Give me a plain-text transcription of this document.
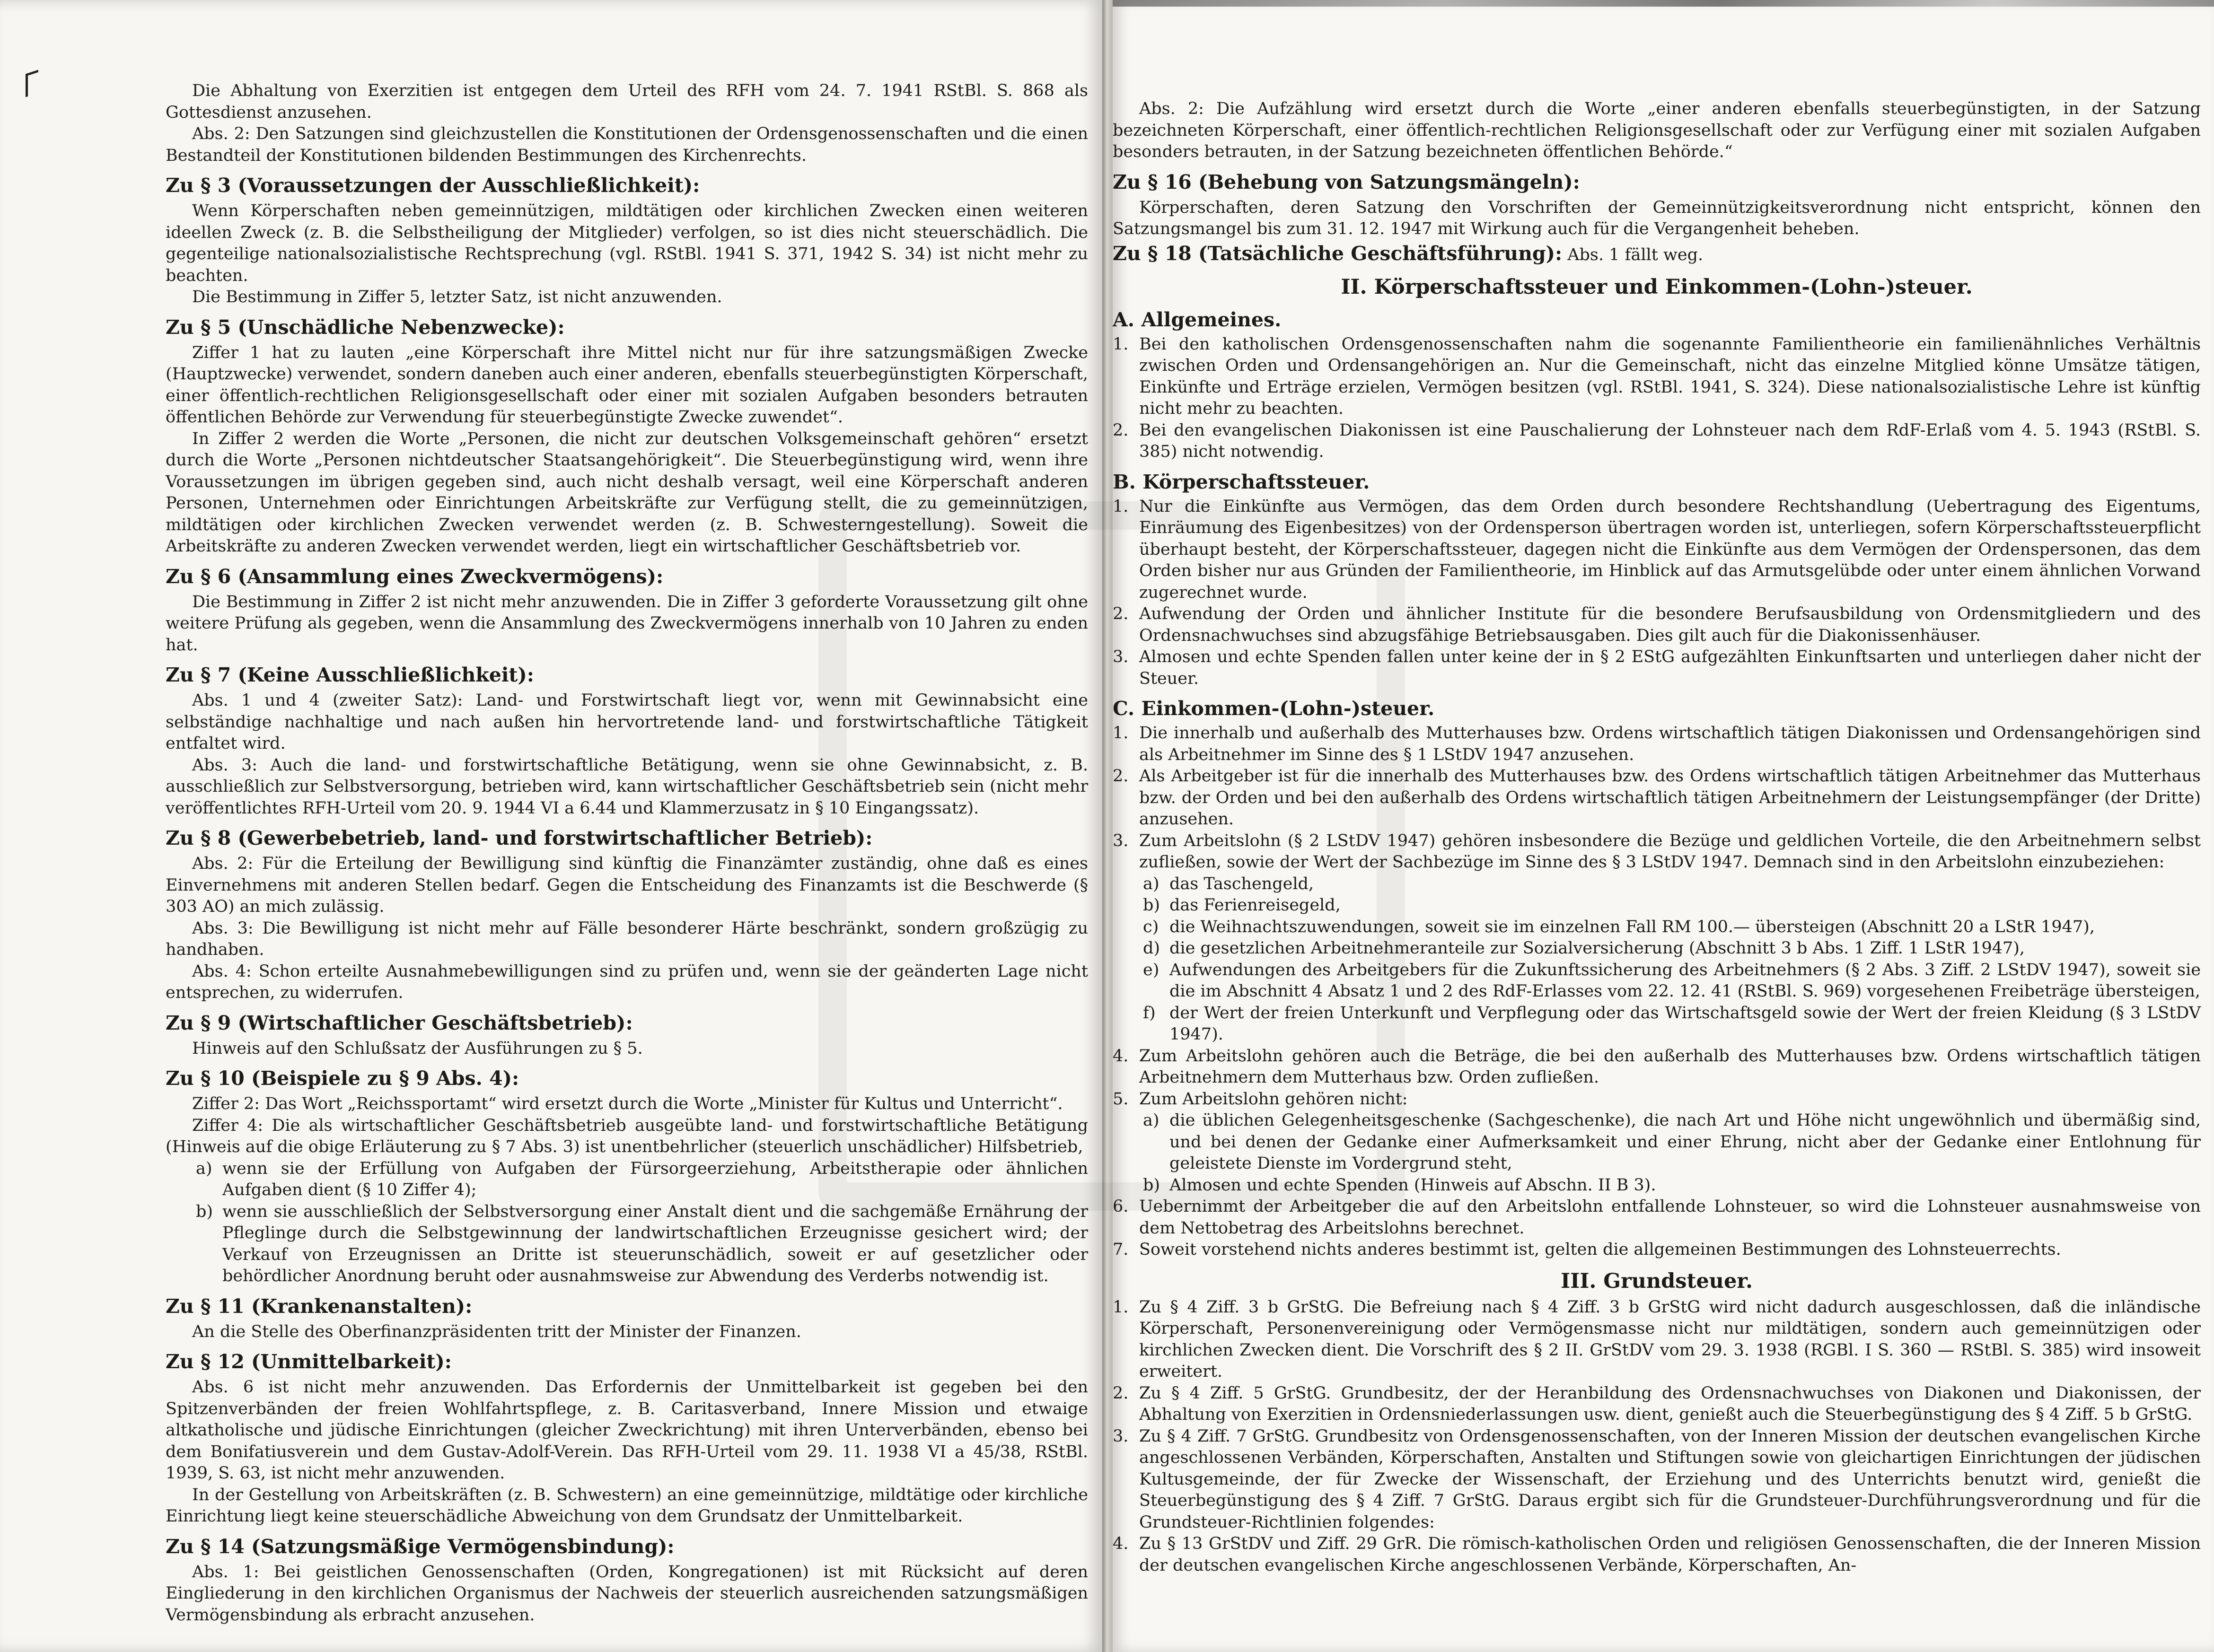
Die Abhaltung von Exerzitien ist entgegen dem Urteil des RFH vom 24. 7. 1941 RStBl. S. 868 als Gottesdienst anzusehen.

Abs. 2: Den Satzungen sind gleichzustellen die Konstitutionen der Ordensgenossenschaften und die einen Bestandteil der Konstitutionen bildenden Bestimmungen des Kirchenrechts.

Zu § 3 (Voraussetzungen der Ausschließlichkeit):

Wenn Körperschaften neben gemeinnützigen, mildtätigen oder kirchlichen Zwecken einen weiteren ideellen Zweck (z. B. die Selbstheiligung der Mitglieder) verfolgen, so ist dies nicht steuerschädlich. Die gegenteilige nationalsozialistische Rechtsprechung (vgl. RStBl. 1941 S. 371, 1942 S. 34) ist nicht mehr zu beachten.

Die Bestimmung in Ziffer 5, letzter Satz, ist nicht anzuwenden.

Zu § 5 (Unschädliche Nebenzwecke):

Ziffer 1 hat zu lauten „eine Körperschaft ihre Mittel nicht nur für ihre satzungsmäßigen Zwecke (Hauptzwecke) verwendet, sondern daneben auch einer anderen, ebenfalls steuerbegünstigten Körperschaft, einer öffentlich-rechtlichen Religionsgesellschaft oder einer mit sozialen Aufgaben besonders betrauten öffentlichen Behörde zur Verwendung für steuerbegünstigte Zwecke zuwendet“.

In Ziffer 2 werden die Worte „Personen, die nicht zur deutschen Volksgemeinschaft gehören“ ersetzt durch die Worte „Personen nichtdeutscher Staatsangehörigkeit“. Die Steuerbegünstigung wird, wenn ihre Voraussetzungen im übrigen gegeben sind, auch nicht deshalb versagt, weil eine Körperschaft anderen Personen, Unternehmen oder Einrichtungen Arbeitskräfte zur Verfügung stellt, die zu gemeinnützigen, mildtätigen oder kirchlichen Zwecken verwendet werden (z. B. Schwesterngestellung). Soweit die Arbeitskräfte zu anderen Zwecken verwendet werden, liegt ein wirtschaftlicher Geschäftsbetrieb vor.

Zu § 6 (Ansammlung eines Zweckvermögens):

Die Bestimmung in Ziffer 2 ist nicht mehr anzuwenden. Die in Ziffer 3 geforderte Voraussetzung gilt ohne weitere Prüfung als gegeben, wenn die Ansammlung des Zweckvermögens innerhalb von 10 Jahren zu enden hat.

Zu § 7 (Keine Ausschließlichkeit):

Abs. 1 und 4 (zweiter Satz): Land- und Forstwirtschaft liegt vor, wenn mit Gewinnabsicht eine selbständige nachhaltige und nach außen hin hervortretende land- und forstwirtschaftliche Tätigkeit entfaltet wird.

Abs. 3: Auch die land- und forstwirtschaftliche Betätigung, wenn sie ohne Gewinnabsicht, z. B. ausschließlich zur Selbstversorgung, betrieben wird, kann wirtschaftlicher Geschäftsbetrieb sein (nicht mehr veröffentlichtes RFH-Urteil vom 20. 9. 1944 VI a 6.44 und Klammerzusatz in § 10 Eingangssatz).

Zu § 8 (Gewerbebetrieb, land- und forstwirtschaftlicher Betrieb):

Abs. 2: Für die Erteilung der Bewilligung sind künftig die Finanzämter zuständig, ohne daß es eines Einvernehmens mit anderen Stellen bedarf. Gegen die Entscheidung des Finanzamts ist die Beschwerde (§ 303 AO) an mich zulässig.

Abs. 3: Die Bewilligung ist nicht mehr auf Fälle besonderer Härte beschränkt, sondern großzügig zu handhaben.

Abs. 4: Schon erteilte Ausnahmebewilligungen sind zu prüfen und, wenn sie der geänderten Lage nicht entsprechen, zu widerrufen.

Zu § 9 (Wirtschaftlicher Geschäftsbetrieb):

Hinweis auf den Schlußsatz der Ausführungen zu § 5.

Zu § 10 (Beispiele zu § 9 Abs. 4):

Ziffer 2: Das Wort „Reichssportamt“ wird ersetzt durch die Worte „Minister für Kultus und Unterricht“.

Ziffer 4: Die als wirtschaftlicher Geschäftsbetrieb ausgeübte land- und forstwirtschaftliche Betätigung (Hinweis auf die obige Erläuterung zu § 7 Abs. 3) ist unentbehrlicher (steuerlich unschädlicher) Hilfsbetrieb,

a) wenn sie der Erfüllung von Aufgaben der Fürsorgeerziehung, Arbeitstherapie oder ähnlichen Aufgaben dient (§ 10 Ziffer 4);
b) wenn sie ausschließlich der Selbstversorgung einer Anstalt dient und die sachgemäße Ernährung der Pfleglinge durch die Selbstgewinnung der landwirtschaftlichen Erzeugnisse gesichert wird; der Verkauf von Erzeugnissen an Dritte ist steuerunschädlich, soweit er auf gesetzlicher oder behördlicher Anordnung beruht oder ausnahmsweise zur Abwendung des Verderbs notwendig ist.
Zu § 11 (Krankenanstalten):

An die Stelle des Oberfinanzpräsidenten tritt der Minister der Finanzen.

Zu § 12 (Unmittelbarkeit):

Abs. 6 ist nicht mehr anzuwenden. Das Erfordernis der Unmittelbarkeit ist gegeben bei den Spitzenverbänden der freien Wohlfahrtspflege, z. B. Caritasverband, Innere Mission und etwaige altkatholische und jüdische Einrichtungen (gleicher Zweckrichtung) mit ihren Unterverbänden, ebenso bei dem Bonifatiusverein und dem Gustav-Adolf-Verein. Das RFH-Urteil vom 29. 11. 1938 VI a 45/38, RStBl. 1939, S. 63, ist nicht mehr anzuwenden.

In der Gestellung von Arbeitskräften (z. B. Schwestern) an eine gemeinnützige, mildtätige oder kirchliche Einrichtung liegt keine steuerschädliche Abweichung von dem Grundsatz der Unmittelbarkeit.

Zu § 14 (Satzungsmäßige Vermögensbindung):

Abs. 1: Bei geistlichen Genossenschaften (Orden, Kongregationen) ist mit Rücksicht auf deren Eingliederung in den kirchlichen Organismus der Nachweis der steuerlich ausreichenden satzungsmäßigen Vermögensbindung als erbracht anzusehen.

Abs. 2: Die Aufzählung wird ersetzt durch die Worte „einer anderen ebenfalls steuerbegünstigten, in der Satzung bezeichneten Körperschaft, einer öffentlich-rechtlichen Religionsgesellschaft oder zur Verfügung einer mit sozialen Aufgaben besonders betrauten, in der Satzung bezeichneten öffentlichen Behörde.“

Zu § 16 (Behebung von Satzungsmängeln):

Körperschaften, deren Satzung den Vorschriften der Gemeinnützigkeitsverordnung nicht entspricht, können den Satzungsmangel bis zum 31. 12. 1947 mit Wirkung auch für die Vergangenheit beheben.

Zu § 18 (Tatsächliche Geschäftsführung): Abs. 1 fällt weg.

II. Körperschaftssteuer und Einkommen-(Lohn-)steuer.
A. Allgemeines.
1. Bei den katholischen Ordensgenossenschaften nahm die sogenannte Familientheorie ein familienähnliches Verhältnis zwischen Orden und Ordensangehörigen an. Nur die Gemeinschaft, nicht das einzelne Mitglied könne Umsätze tätigen, Einkünfte und Erträge erzielen, Vermögen besitzen (vgl. RStBl. 1941, S. 324). Diese nationalsozialistische Lehre ist künftig nicht mehr zu beachten.
2. Bei den evangelischen Diakonissen ist eine Pauschalierung der Lohnsteuer nach dem RdF-Erlaß vom 4. 5. 1943 (RStBl. S. 385) nicht notwendig.
B. Körperschaftssteuer.
1. Nur die Einkünfte aus Vermögen, das dem Orden durch besondere Rechtshandlung (Uebertragung des Eigentums, Einräumung des Eigenbesitzes) von der Ordensperson übertragen worden ist, unterliegen, sofern Körperschaftssteuerpflicht überhaupt besteht, der Körperschaftssteuer, dagegen nicht die Einkünfte aus dem Vermögen der Ordenspersonen, das dem Orden bisher nur aus Gründen der Familientheorie, im Hinblick auf das Armutsgelübde oder unter einem ähnlichen Vorwand zugerechnet wurde.
2. Aufwendung der Orden und ähnlicher Institute für die besondere Berufsausbildung von Ordensmitgliedern und des Ordensnachwuchses sind abzugsfähige Betriebsausgaben. Dies gilt auch für die Diakonissenhäuser.
3. Almosen und echte Spenden fallen unter keine der in § 2 EStG aufgezählten Einkunftsarten und unterliegen daher nicht der Steuer.
C. Einkommen-(Lohn-)steuer.
1. Die innerhalb und außerhalb des Mutterhauses bzw. Ordens wirtschaftlich tätigen Diakonissen und Ordensangehörigen sind als Arbeitnehmer im Sinne des § 1 LStDV 1947 anzusehen.
2. Als Arbeitgeber ist für die innerhalb des Mutterhauses bzw. des Ordens wirtschaftlich tätigen Arbeitnehmer das Mutterhaus bzw. der Orden und bei den außerhalb des Ordens wirtschaftlich tätigen Arbeitnehmern der Leistungsempfänger (der Dritte) anzusehen.
3. Zum Arbeitslohn (§ 2 LStDV 1947) gehören insbesondere die Bezüge und geldlichen Vorteile, die den Arbeitnehmern selbst zufließen, sowie der Wert der Sachbezüge im Sinne des § 3 LStDV 1947. Demnach sind in den Arbeitslohn einzubeziehen:
a) das Taschengeld,
b) das Ferienreisegeld,
c) die Weihnachtszuwendungen, soweit sie im einzelnen Fall RM 100.— übersteigen (Abschnitt 20 a LStR 1947),
d) die gesetzlichen Arbeitnehmeranteile zur Sozialversicherung (Abschnitt 3 b Abs. 1 Ziff. 1 LStR 1947),
e) Aufwendungen des Arbeitgebers für die Zukunftssicherung des Arbeitnehmers (§ 2 Abs. 3 Ziff. 2 LStDV 1947), soweit sie die im Abschnitt 4 Absatz 1 und 2 des RdF-Erlasses vom 22. 12. 41 (RStBl. S. 969) vorgesehenen Freibeträge übersteigen,
f) der Wert der freien Unterkunft und Verpflegung oder das Wirtschaftsgeld sowie der Wert der freien Kleidung (§ 3 LStDV 1947).
4. Zum Arbeitslohn gehören auch die Beträge, die bei den außerhalb des Mutterhauses bzw. Ordens wirtschaftlich tätigen Arbeitnehmern dem Mutterhaus bzw. Orden zufließen.
5. Zum Arbeitslohn gehören nicht:
a) die üblichen Gelegenheitsgeschenke (Sachgeschenke), die nach Art und Höhe nicht ungewöhnlich und übermäßig sind, und bei denen der Gedanke einer Aufmerksamkeit und einer Ehrung, nicht aber der Gedanke einer Entlohnung für geleistete Dienste im Vordergrund steht,
b) Almosen und echte Spenden (Hinweis auf Abschn. II B 3).
6. Uebernimmt der Arbeitgeber die auf den Arbeitslohn entfallende Lohnsteuer, so wird die Lohnsteuer ausnahmsweise von dem Nettobetrag des Arbeitslohns berechnet.
7. Soweit vorstehend nichts anderes bestimmt ist, gelten die allgemeinen Bestimmungen des Lohnsteuerrechts.
III. Grundsteuer.
1. Zu § 4 Ziff. 3 b GrStG. Die Befreiung nach § 4 Ziff. 3 b GrStG wird nicht dadurch ausgeschlossen, daß die inländische Körperschaft, Personenvereinigung oder Vermögensmasse nicht nur mildtätigen, sondern auch gemeinnützigen oder kirchlichen Zwecken dient. Die Vorschrift des § 2 II. GrStDV vom 29. 3. 1938 (RGBl. I S. 360 — RStBl. S. 385) wird insoweit erweitert.
2. Zu § 4 Ziff. 5 GrStG. Grundbesitz, der der Heranbildung des Ordensnachwuchses von Diakonen und Diakonissen, der Abhaltung von Exerzitien in Ordensniederlassungen usw. dient, genießt auch die Steuerbegünstigung des § 4 Ziff. 5 b GrStG.
3. Zu § 4 Ziff. 7 GrStG. Grundbesitz von Ordensgenossenschaften, von der Inneren Mission der deutschen evangelischen Kirche angeschlossenen Verbänden, Körperschaften, Anstalten und Stiftungen sowie von gleichartigen Einrichtungen der jüdischen Kultusgemeinde, der für Zwecke der Wissenschaft, der Erziehung und des Unterrichts benutzt wird, genießt die Steuerbegünstigung des § 4 Ziff. 7 GrStG. Daraus ergibt sich für die Grundsteuer-Durchführungsverordnung und für die Grundsteuer-Richtlinien folgendes:
4. Zu § 13 GrStDV und Ziff. 29 GrR. Die römisch-katholischen Orden und religiösen Genossenschaften, die der Inneren Mission der deutschen evangelischen Kirche angeschlossenen Verbände, Körperschaften, An-
